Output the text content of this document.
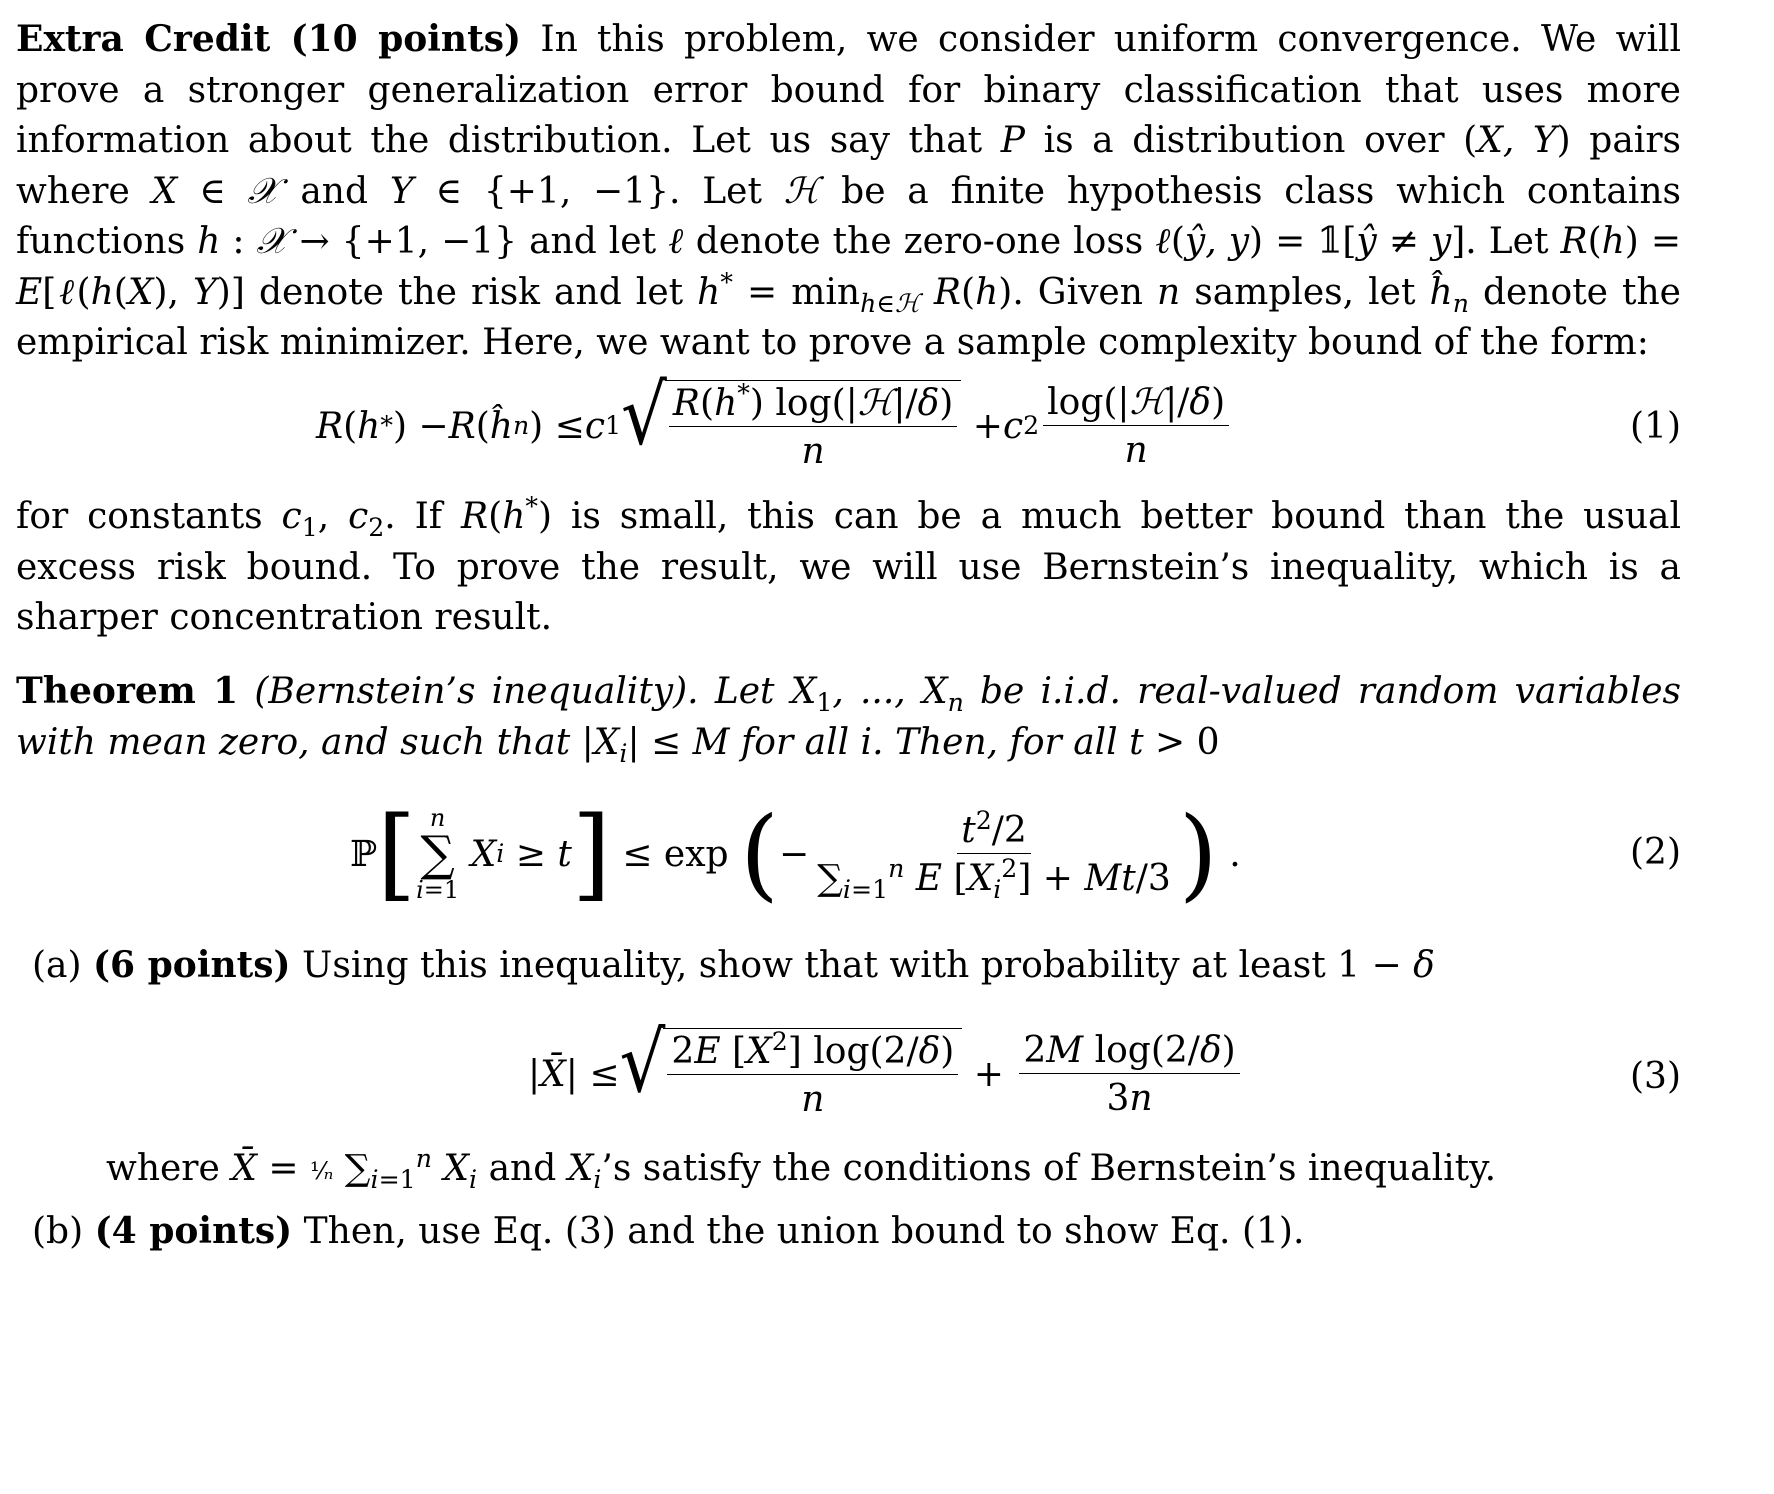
Extra Credit (10 points) In this problem, we consider uniform convergence. We will prove a stronger generalization error bound for binary classification that uses more information about the distribution. Let us say that P is a distribution over (X, Y) pairs where X ∈ 𝒳 and Y ∈ {+1, −1}. Let ℋ be a finite hypothesis class which contains functions h : 𝒳 → {+1, −1} and let ℓ denote the zero-one loss ℓ(ŷ, y) = 𝟙[ŷ ≠ y]. Let R(h) = E[ℓ(h(X), Y)] denote the risk and let $h^* = \min_{h\in ℋ} R(h)$. Given n samples, let $ĥ_n$ denote the empirical risk minimizer. Here, we want to prove a sample complexity bound of the form:

R ( h * ) − R ( ĥ n ) ≤ c 1 √ $\frac{R(h^*) \log(|ℋ|/\delta)}{n} + c$ $2 \frac{\text{log(|ℋ|/δ)}}{n}$	(1)

for constants $c_1$, $c_2$. If R(h*) is small, this can be a much better bound than the usual excess risk bound. To prove the result, we will use Bernstein’s inequality, which is a sharper concentration result.

Theorem 1 (Bernstein’s inequality). Let $X_1$, ..., $X_n$ be i.i.d. real-valued random variables with mean zero, and such that $|X_i| \le M$ for all i. Then, for all t > 0

ℙ [ n
∑
i=1
X i ≥ t ] ≤ exp ( − $\frac{t^2/2}{\sum_{i=1}^n E [X_i^2] + Mt/3}$ ) .	(2)

(a) (6 points) Using this inequality, show that with probability at least 1 − δ

| X̄ | ≤ √ $\frac{2E [X^2] \log(2/\delta)}{n} + \frac{\text{2M log(2/δ)}}{3n}$	(3)

where X̄ = ¹⁄ₙ $\sum_{i=1}^n$ $X_i$ and $X_i’s$ satisfy the conditions of Bernstein’s inequality.

(b) (4 points) Then, use Eq. (3) and the union bound to show Eq. (1).
